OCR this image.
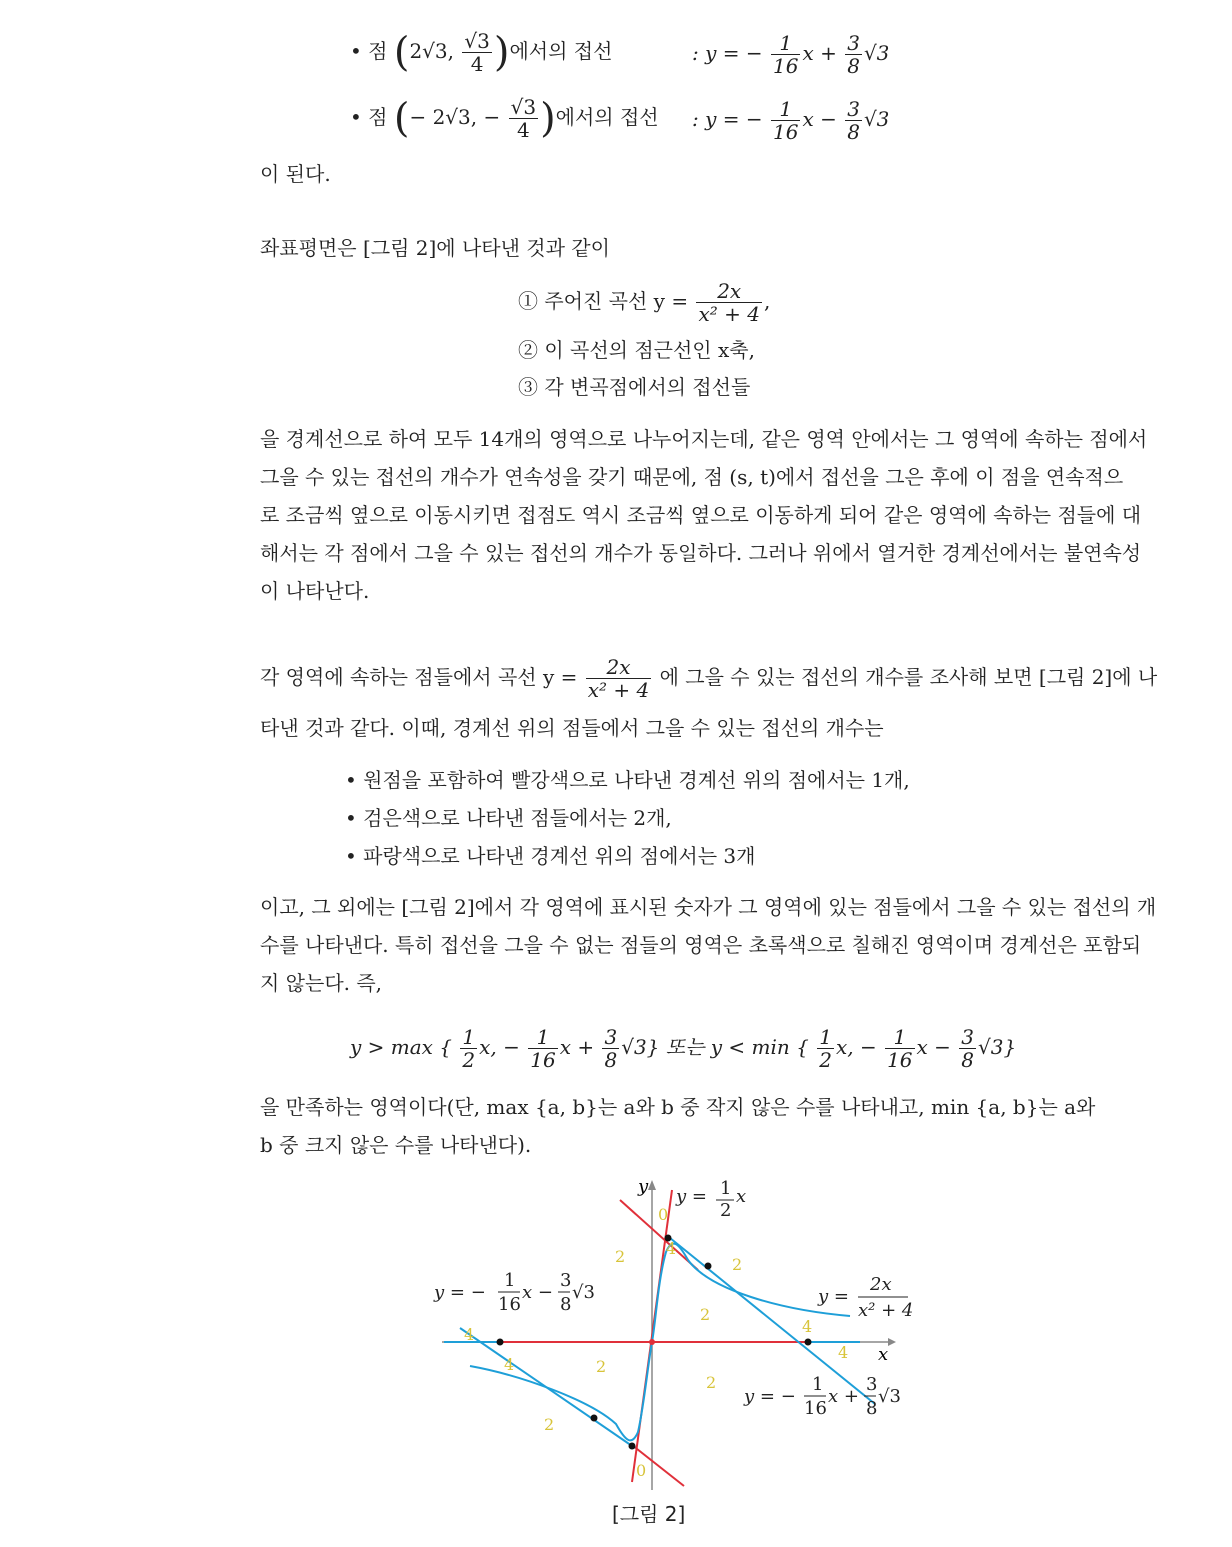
• 점 (2√3, $\frac{√3}{4}$ )에서의 접선	: y = − $\frac{1}{16}$ $x + \frac{3}{8} √3$
• 점 (− 2√3, − $\frac{√3}{4}$ )에서의 접선 : y = − $\frac{1}{16}$ $x - \frac{3}{8} √3$
이 된다.
좌표평면은 [그림 2]에 나타낸 것과 같이
① 주어진 곡선 $y = \frac{2x}{\text{x² + 4}}$ ,
② 이 곡선의 점근선인 x축,
③ 각 변곡점에서의 접선들
을 경계선으로 하여 모두 14개의 영역으로 나누어지는데, 같은 영역 안에서는 그 영역에 속하는 점에서
그을 수 있는 접선의 개수가 연속성을 갖기 때문에, 점 (s, t)에서 접선을 그은 후에 이 점을 연속적으
로 조금씩 옆으로 이동시키면 접점도 역시 조금씩 옆으로 이동하게 되어 같은 영역에 속하는 점들에 대
해서는 각 점에서 그을 수 있는 접선의 개수가 동일하다. 그러나 위에서 열거한 경계선에서는 불연속성
이 나타난다.
각 영역에 속하는 점들에서 곡선 $y = \frac{2x}{\text{x² + 4}}$ 에 그을 수 있는 접선의 개수를 조사해 보면 [그림 2]에 나
타낸 것과 같다. 이때, 경계선 위의 점들에서 그을 수 있는 접선의 개수는
• 원점을 포함하여 빨강색으로 나타낸 경계선 위의 점에서는 1개,
• 검은색으로 나타낸 점들에서는 2개,
• 파랑색으로 나타낸 경계선 위의 점에서는 3개
이고, 그 외에는 [그림 2]에서 각 영역에 표시된 숫자가 그 영역에 있는 점들에서 그을 수 있는 접선의 개
수를 나타낸다. 특히 접선을 그을 수 없는 점들의 영역은 초록색으로 칠해진 영역이며 경계선은 포함되
지 않는다. 즉,
y > max { $\frac{1}{2} x$, − $\frac{1}{16}$ $x + \frac{3}{8} √3$} 또는 y < min { $\frac{1}{2} x$, − $\frac{1}{16}$ $x - \frac{3}{8} √3$}
을 만족하는 영역이다(단, max {a, b}는 a와 b 중 작지 않은 수를 나타내고, min {a, b}는 a와
b 중 크지 않은 수를 나타낸다).
x
y
0
2	4
2
2
4
4
4
2
2
2
4
0
y = 1
2
x
y =
2x
x² + 4
y = −
1
16
x −
3
8
√3
y = −
1
16
x +
3
8
√3
[그림 2]
